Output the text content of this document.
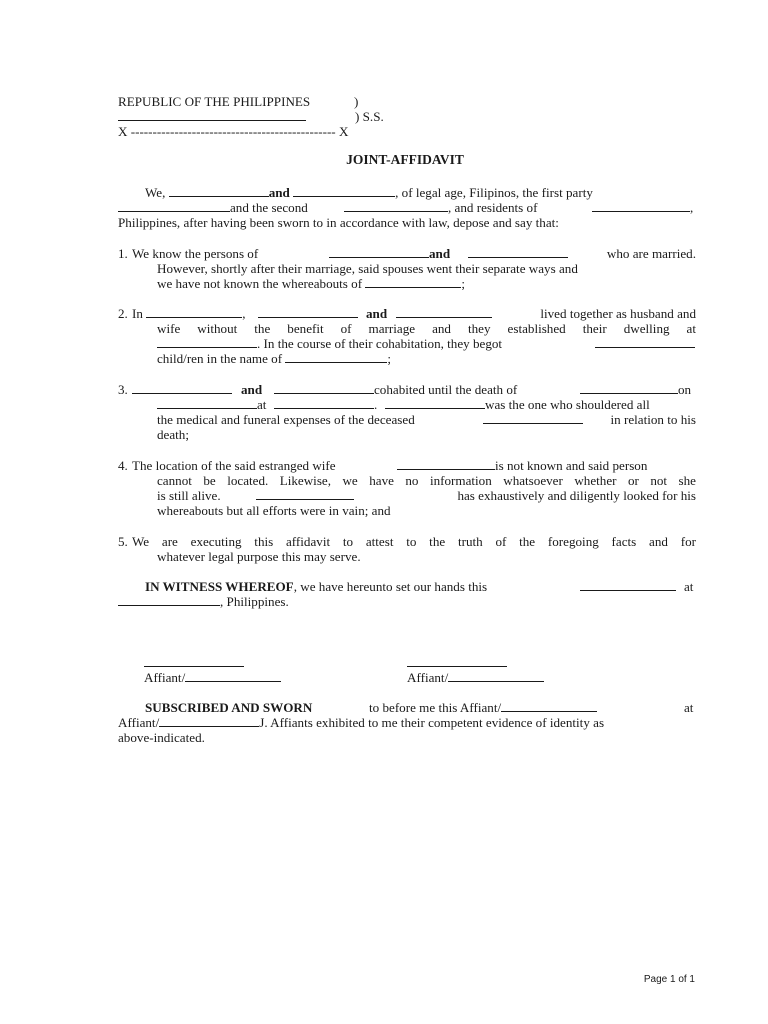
REPUBLIC OF THE PHILIPPINES	)
) S.S.
X ----------------------------------------------- X
JOINT-AFFIDAVIT
We,	and	, of legal age, Filipinos, the first party
and the second	, and residents of	,
Philippines, after having been sworn to in accordance with law, depose and say that:
1. We know the persons of	and	who are married.
However, shortly after their marriage, said spouses went their separate ways and
we have not known the whereabouts of	;
2. In	,	and	lived together as husband and
wife without the benefit of marriage and they established their dwelling at
. In the course of their cohabitation, they begot
child/ren in the name of	;
3.	and	cohabited until the death of	on
at	.	was the one who shouldered all
the medical and funeral expenses of the deceased	in relation to his
death;
4. The location of the said estranged wife	is not known and said person
cannot be located. Likewise, we have no information whatsoever whether or not she
is still alive.	has exhaustively and diligently looked for his
whereabouts but all efforts were in vain; and
5. We are executing this affidavit to attest to the truth of the foregoing facts and for
whatever legal purpose this may serve.
IN WITNESS WHEREOF, we have hereunto set our hands this	at
, Philippines.
Affiant/	Affiant/
SUBSCRIBED AND SWORN	to before me this Affiant/	at
Affiant/	J. Affiants exhibited to me their competent evidence of identity as
above-indicated.
Page 1 of 1
